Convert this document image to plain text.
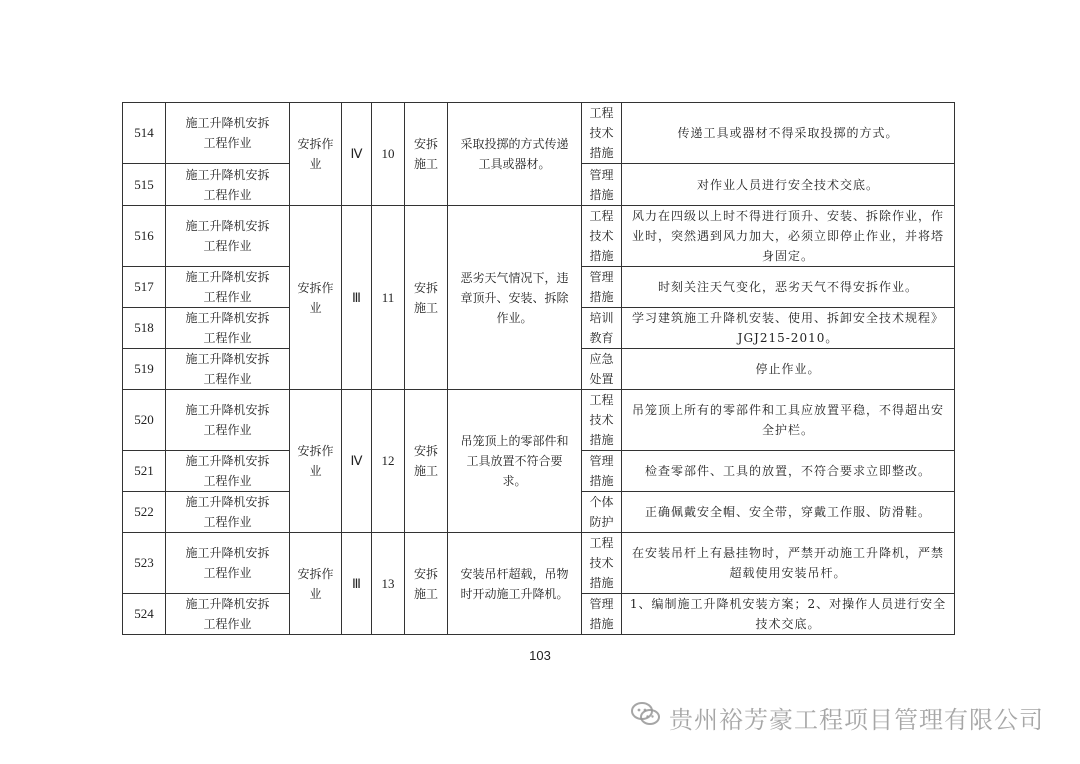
514	施工升降机安拆工程作业	安拆作业	Ⅳ	10	安拆施工	采取投掷的方式传递工具或器材。	工程技术措施	传递工具或器材不得采取投掷的方式。

515	施工升降机安拆工程作业						管理措施	对作业人员进行安全技术交底。

516	施工升降机安拆工程作业	安拆作业	Ⅲ	11	安拆施工	恶劣天气情况下，违章顶升、安装、拆除作业。	工程技术措施	风力在四级以上时不得进行顶升、安装、拆除作业，作业时，突然遇到风力加大，必须立即停止作业，并将塔身固定。

517	施工升降机安拆工程作业						管理措施	时刻关注天气变化，恶劣天气不得安拆作业。

518	施工升降机安拆工程作业						培训教育	学习建筑施工升降机安装、使用、拆卸安全技术规程》JGJ215-2010。

519	施工升降机安拆工程作业						应急处置	停止作业。

520	施工升降机安拆工程作业	安拆作业	Ⅳ	12	安拆施工	吊笼顶上的零部件和工具放置不符合要求。	工程技术措施	吊笼顶上所有的零部件和工具应放置平稳，不得超出安全护栏。

521	施工升降机安拆工程作业						管理措施	检查零部件、工具的放置，不符合要求立即整改。

522	施工升降机安拆工程作业						个体防护	正确佩戴安全帽、安全带，穿戴工作服、防滑鞋。

523	施工升降机安拆工程作业	安拆作业	Ⅲ	13	安拆施工	安装吊杆超载，吊物时开动施工升降机。	工程技术措施	在安装吊杆上有悬挂物时，严禁开动施工升降机，严禁超载使用安装吊杆。

524	施工升降机安拆工程作业						管理措施	1、编制施工升降机安装方案；2、对操作人员进行安全技术交底。
103
贵州裕芳豪工程项目管理有限公司
